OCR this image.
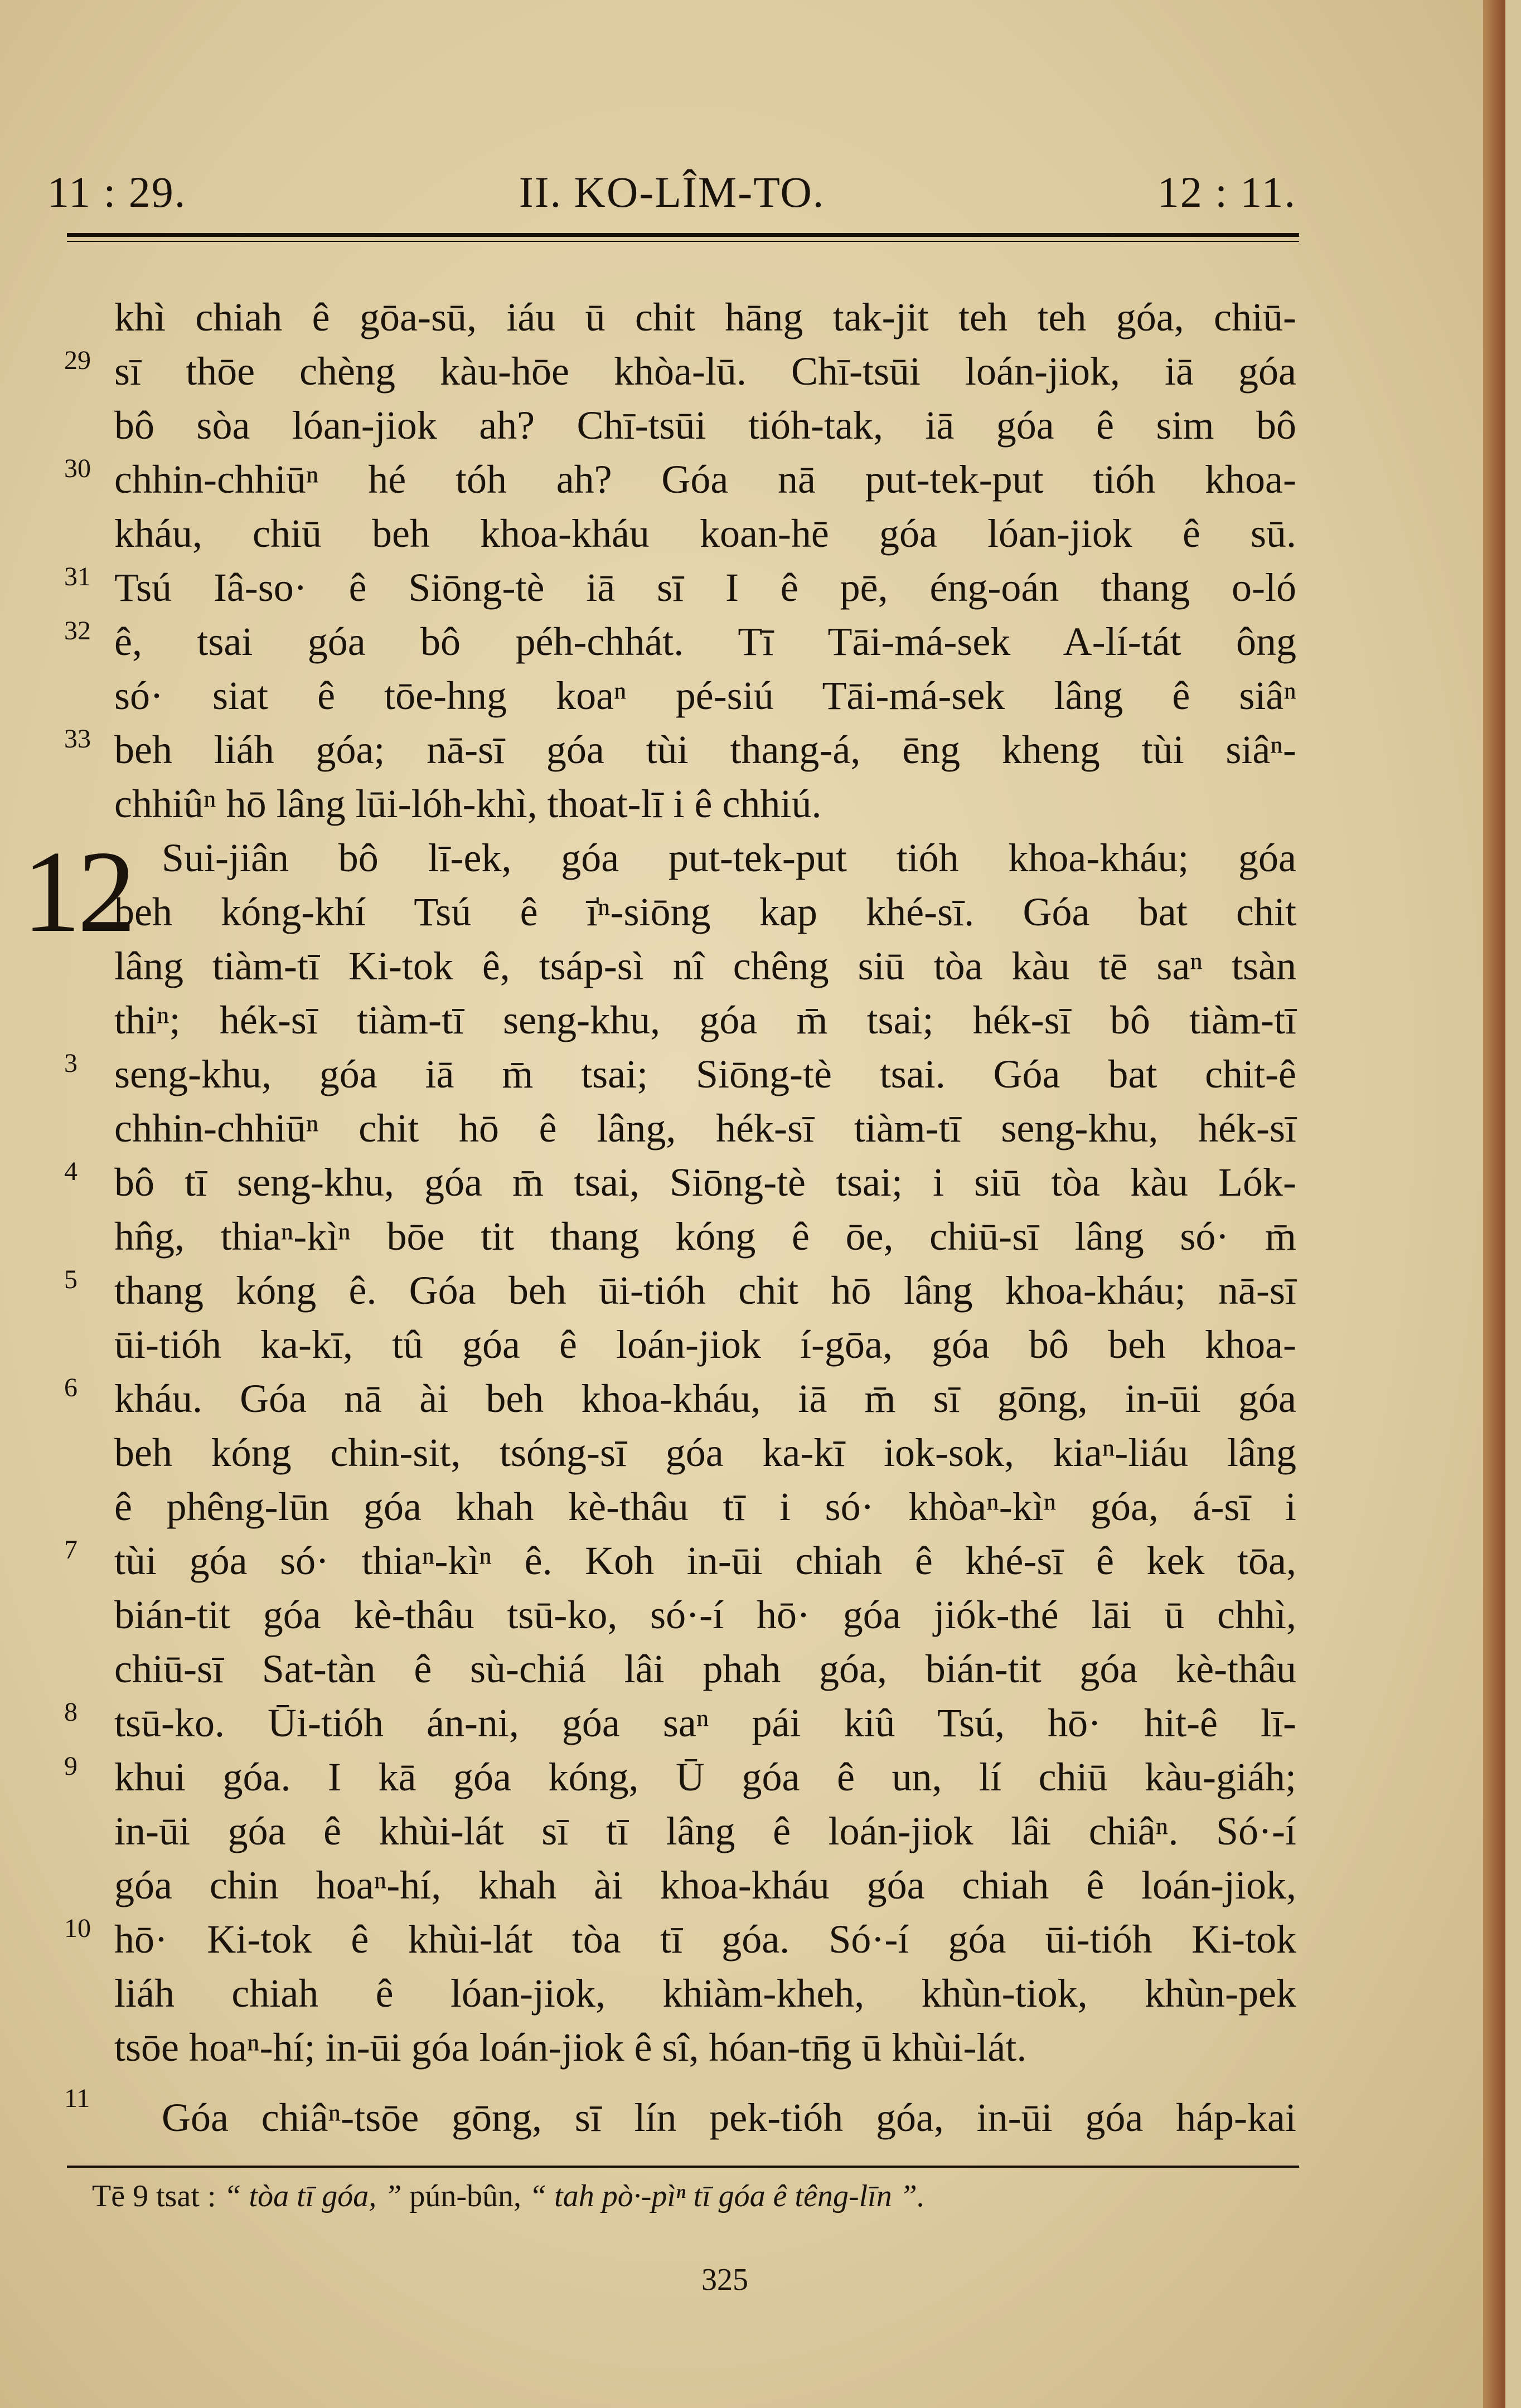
11 : 29.	II. KO-LÎM-TO.	12 : 11.
12
khì chiah ê gōa-sū, iáu ū chit hāng tak-jit teh teh góa, chiū-
sī thōe chèng kàu-hōe khòa-lū. Chī-tsūi loán-jiok, iā góa
bô sòa lóan-jiok ah? Chī-tsūi tióh-tak, iā góa ê sim bô
chhin-chhiūⁿ hé tóh ah? Góa nā put-tek-put tióh khoa-
kháu, chiū beh khoa-kháu koan-hē góa lóan-jiok ê sū.
Tsú Iâ-so· ê Siōng-tè iā sī I ê pē, éng-oán thang o-ló
ê, tsai góa bô péh-chhát. Tī Tāi-má-sek A-lí-tát ông
só· siat ê tōe-hng koaⁿ pé-siú Tāi-má-sek lâng ê siâⁿ
beh liáh góa; nā-sī góa tùi thang-á, ēng kheng tùi siâⁿ-
chhiûⁿ hō lâng lūi-lóh-khì, thoat-lī i ê chhiú.
Sui-jiân bô lī-ek, góa put-tek-put tióh khoa-kháu; góa
beh kóng-khí Tsú ê ī̍ⁿ-siōng kap khé-sī. Góa bat chit
lâng tiàm-tī Ki-tok ê, tsáp-sì nî chêng siū tòa kàu tē saⁿ tsàn
thiⁿ; hék-sī tiàm-tī seng-khu, góa m̄ tsai; hék-sī bô tiàm-tī
seng-khu, góa iā m̄ tsai; Siōng-tè tsai. Góa bat chit-ê
chhin-chhiūⁿ chit hō ê lâng, hék-sī tiàm-tī seng-khu, hék-sī
bô tī seng-khu, góa m̄ tsai, Siōng-tè tsai; i siū tòa kàu Lók-
hn̂g, thiaⁿ-kìⁿ bōe tit thang kóng ê ōe, chiū-sī lâng só· m̄
thang kóng ê. Góa beh ūi-tióh chit hō lâng khoa-kháu; nā-sī
ūi-tióh ka-kī, tû góa ê loán-jiok í-gōa, góa bô beh khoa-
kháu. Góa nā ài beh khoa-kháu, iā m̄ sī gōng, in-ūi góa
beh kóng chin-sit, tsóng-sī góa ka-kī iok-sok, kiaⁿ-liáu lâng
ê phêng-lūn góa khah kè-thâu tī i só· khòaⁿ-kìⁿ góa, á-sī i
tùi góa só· thiaⁿ-kìⁿ ê. Koh in-ūi chiah ê khé-sī ê kek tōa,
bián-tit góa kè-thâu tsū-ko, só·-í hō· góa jiók-thé lāi ū chhì,
chiū-sī Sat-tàn ê sù-chiá lâi phah góa, bián-tit góa kè-thâu
tsū-ko. Ūi-tióh án-ni, góa saⁿ pái kiû Tsú, hō· hit-ê lī-
khui góa. I kā góa kóng, Ū góa ê un, lí chiū kàu-giáh;
in-ūi góa ê khùi-lát sī tī lâng ê loán-jiok lâi chiâⁿ. Só·-í
góa chin hoaⁿ-hí, khah ài khoa-kháu góa chiah ê loán-jiok,
hō· Ki-tok ê khùi-lát tòa tī góa. Só·-í góa ūi-tióh Ki-tok
liáh chiah ê lóan-jiok, khiàm-kheh, khùn-tiok, khùn-pek
tsōe hoaⁿ-hí; in-ūi góa loán-jiok ê sî, hóan-tn̄g ū khùi-lát.
Góa chiâⁿ-tsōe gōng, sī lín pek-tióh góa, in-ūi góa háp-kai
29
30
31
32
33
3
4
5
6
7
8
9
10
11
Tē 9 tsat : “ tòa tī góa, ” pún-bûn, “ tah pò·-pìⁿ tī góa ê têng-līn ”.
325
